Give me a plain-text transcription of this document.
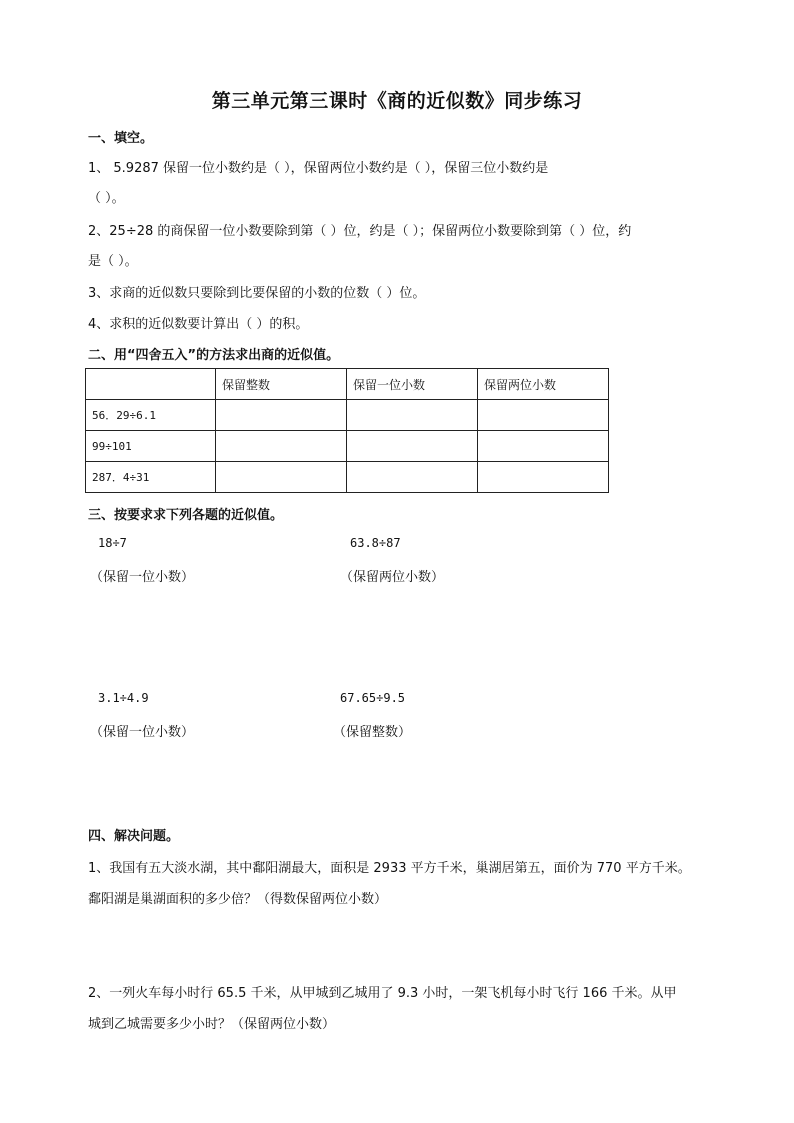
第三单元第三课时《商的近似数》同步练习
一、填空。
1、 5.9287 保留一位小数约是（ ），保留两位小数约是（ ），保留三位小数约是
（ ）。
2、25÷28 的商保留一位小数要除到第（ ）位，约是（ ）；保留两位小数要除到第（ ）位，约
是（ ）。
3、求商的近似数只要除到比要保留的小数的位数（ ）位。
4、求积的近似数要计算出（ ）的积。
二、用“四舍五入”的方法求出商的近似值。
	保留整数	保留一位小数	保留两位小数
56．29÷6.1			
99÷101			
287．4÷31			
三、按要求求下列各题的近似值。
18÷7
（保留一位小数）
63.8÷87
（保留两位小数）
3.1÷4.9
（保留一位小数）
67.65÷9.5
（保留整数）
四、解决问题。
1、我国有五大淡水湖，其中鄱阳湖最大，面积是 2933 平方千米，巢湖居第五，面价为 770 平方千米。
鄱阳湖是巢湖面积的多少倍？（得数保留两位小数）
2、一列火车每小时行 65.5 千米，从甲城到乙城用了 9.3 小时，一架飞机每小时飞行 166 千米。从甲
城到乙城需要多少小时？（保留两位小数）
